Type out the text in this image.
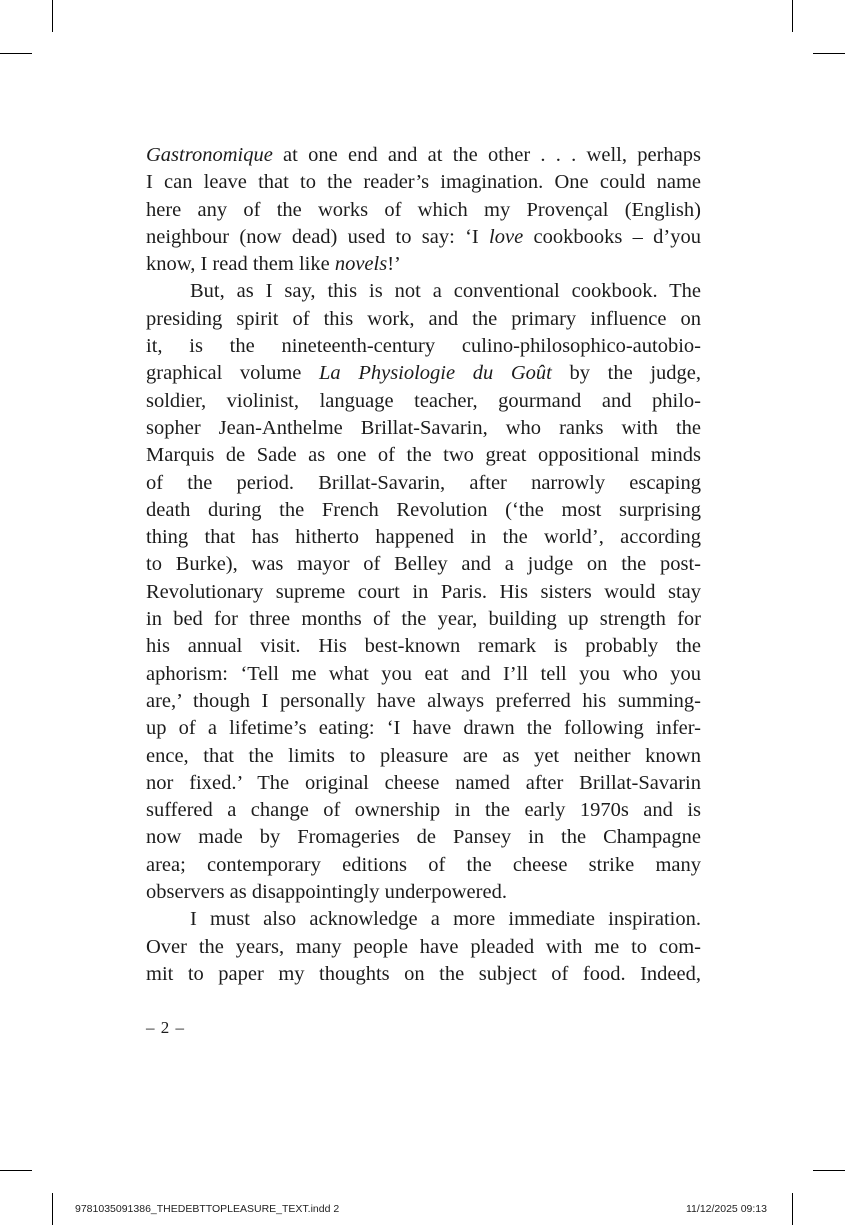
Gastronomique at one end and at the other . . . well, perhaps
I can leave that to the reader’s imagination. One could name
here any of the works of which my Provençal (English)
neighbour (now dead) used to say: ‘I love cookbooks – d’you
know, I read them like novels!’
But, as I say, this is not a conventional cookbook. The
presiding spirit of this work, and the primary influence on
it, is the nineteenth-century culino-philosophico-autobio-
graphical volume La Physiologie du Goût by the judge,
soldier, violinist, language teacher, gourmand and philo-
sopher Jean-Anthelme Brillat-Savarin, who ranks with the
Marquis de Sade as one of the two great oppositional minds
of the period. Brillat-Savarin, after narrowly escaping
death during the French Revolution (‘the most surprising
thing that has hitherto happened in the world’, according
to Burke), was mayor of Belley and a judge on the post-
Revolutionary supreme court in Paris. His sisters would stay
in bed for three months of the year, building up strength for
his annual visit. His best-known remark is probably the
aphorism: ‘Tell me what you eat and I’ll tell you who you
are,’ though I personally have always preferred his summing-
up of a lifetime’s eating: ‘I have drawn the following infer-
ence, that the limits to pleasure are as yet neither known
nor fixed.’ The original cheese named after Brillat-Savarin
suffered a change of ownership in the early 1970s and is
now made by Fromageries de Pansey in the Champagne
area; contemporary editions of the cheese strike many
observers as disappointingly underpowered.
I must also acknowledge a more immediate inspiration.
Over the years, many people have pleaded with me to com-
mit to paper my thoughts on the subject of food. Indeed,
– 2 –
9781035091386_THEDEBTTOPLEASURE_TEXT.indd 2	11/12/2025 09:13
